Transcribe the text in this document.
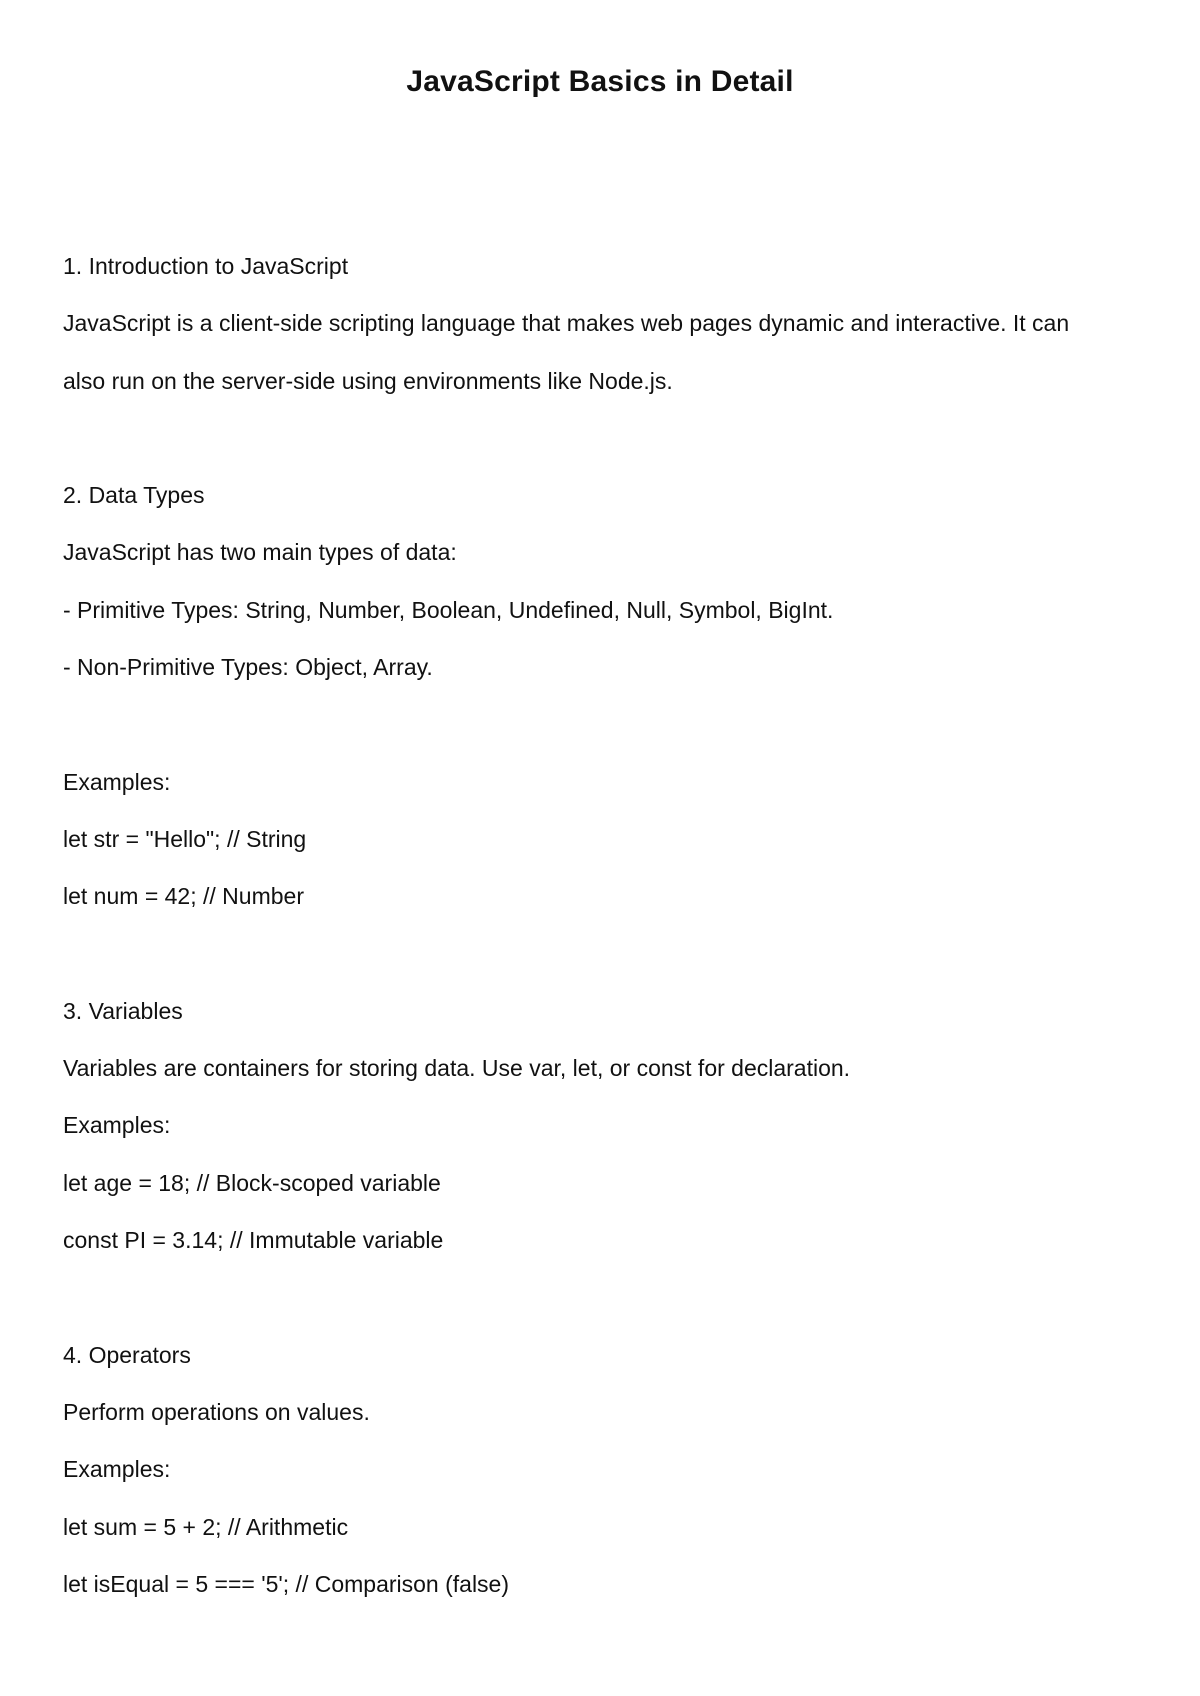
JavaScript Basics in Detail
1. Introduction to JavaScript
JavaScript is a client-side scripting language that makes web pages dynamic and interactive. It can
also run on the server-side using environments like Node.js.
2. Data Types
JavaScript has two main types of data:
- Primitive Types: String, Number, Boolean, Undefined, Null, Symbol, BigInt.
- Non-Primitive Types: Object, Array.
Examples:
let str = "Hello"; // String
let num = 42; // Number
3. Variables
Variables are containers for storing data. Use var, let, or const for declaration.
Examples:
let age = 18; // Block-scoped variable
const PI = 3.14; // Immutable variable
4. Operators
Perform operations on values.
Examples:
let sum = 5 + 2; // Arithmetic
let isEqual = 5 === '5'; // Comparison (false)
